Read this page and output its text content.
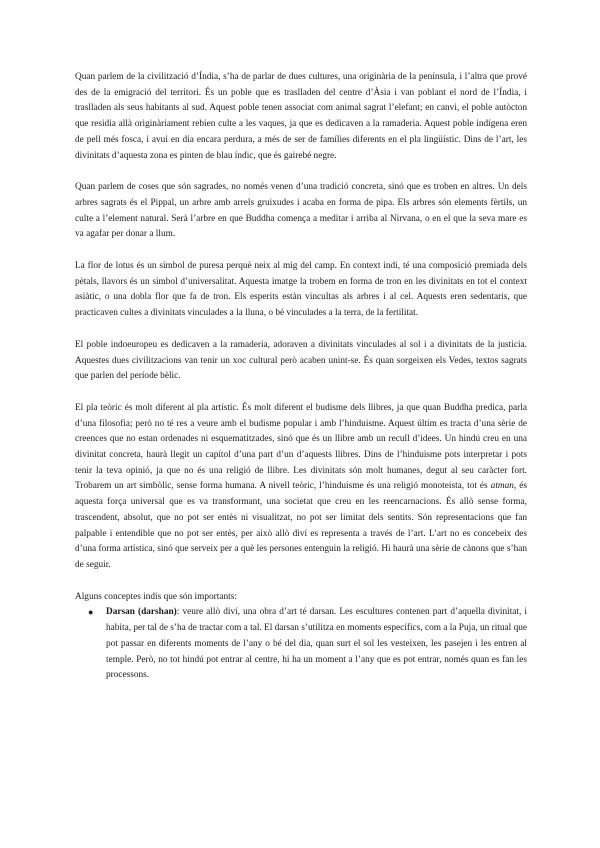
Quan parlem de la civilització d’Índia, s’ha de parlar de dues cultures, una originària de la península, i l’altra que prové des de la emigració del territori. És un poble que es traslladen del centre d’Àsia i van poblant el nord de l’Índia, i traslladen als seus habitants al sud. Aquest poble tenen associat com animal sagrat l’elefant; en canvi, el poble autòcton que residia allà originàriament rebien culte a les vaques, ja que es dedicaven a la ramaderia. Aquest poble indígena eren de pell més fosca, i avui en dia encara perdura, a més de ser de famílies diferents en el pla lingüístic. Dins de l’art, les divinitats d’aquesta zona es pinten de blau índic, que és gairebé negre.

Quan parlem de coses que són sagrades, no només venen d’una tradició concreta, sinó que es troben en altres. Un dels arbres sagrats és el Pippal, un arbre amb arrels gruixudes i acaba en forma de pipa. Els arbres són elements fèrtils, un culte a l’element natural. Serà l’arbre en que Buddha comença a meditar i arriba al Nirvana, o en el que la seva mare es va agafar per donar a llum.

La flor de lotus és un símbol de puresa perquè neix al mig del camp. En context indí, té una composició premiada dels pètals, llavors és un símbol d’universalitat. Aquesta imatge la trobem en forma de tron en les divinitats en tot el context asiàtic, o una dobla flor que fa de tron. Els esperits estàn vincultas als arbres i al cel. Aquests eren sedentaris, que practicaven cultes a divinitats vinculades a la lluna, o bé vinculades a la terra, de la fertilitat.

El poble indoeuropeu es dedicaven a la ramaderia, adoraven a divinitats vinculades al sol i a divinitats de la justicia. Aquestes dues civilitzacions van tenir un xoc cultural però acaben unint-se. És quan sorgeixen els Vedes, textos sagrats que parlen del període bèlic.

El pla teòric és molt diferent al pla artístic. És molt diferent el budisme dels llibres, ja que quan Buddha predica, parla d’una filosofia; però no té res a veure amb el budisme popular i amb l’hinduisme. Aquest últim es tracta d’una sèrie de creences que no estan ordenades ni esquematitzades, sinó que és un llibre amb un recull d’idees. Un hindú creu en una divinitat concreta, haurà llegit un capítol d’una part d’un d’aquests llibres. Dins de l’hinduisme pots interpretar i pots tenir la teva opinió, ja que no és una religió de llibre. Les divinitats són molt humanes, degut al seu caràcter fort. Trobarem un art simbòlic, sense forma humana. A nivell teòric, l’hinduisme és una religió monoteista, tot és atman, és aquesta força universal que es va transformant, una societat que creu en les reencarnacions. És allò sense forma, trascendent, absolut, que no pot ser entès ni visualitzat, no pot ser limitat dels sentits. Són representacions que fan palpable i entendible que no pot ser entès, per això allò diví es representa a través de l’art. L’art no es concebeix des d’una forma artística, sinó que serveix per a què les persones entenguin la religió. Hi haurà una sèrie de cànons que s’han de seguir.

Alguns conceptes indis que són importants:

● Darsan (darshan): veure allò diví, una obra d’art té darsan. Les escultures contenen part d’aquella divinitat, i habita, per tal de s’ha de tractar com a tal. El darsan s’utilitza en moments específics, com a la Puja, un ritual que pot passar en diferents moments de l’any o bé del dia, quan surt el sol les vesteixen, les pasejen i les entren al temple. Però, no tot hindú pot entrar al centre, hi ha un moment a l’any que es pot entrar, només quan es fan les processons.
